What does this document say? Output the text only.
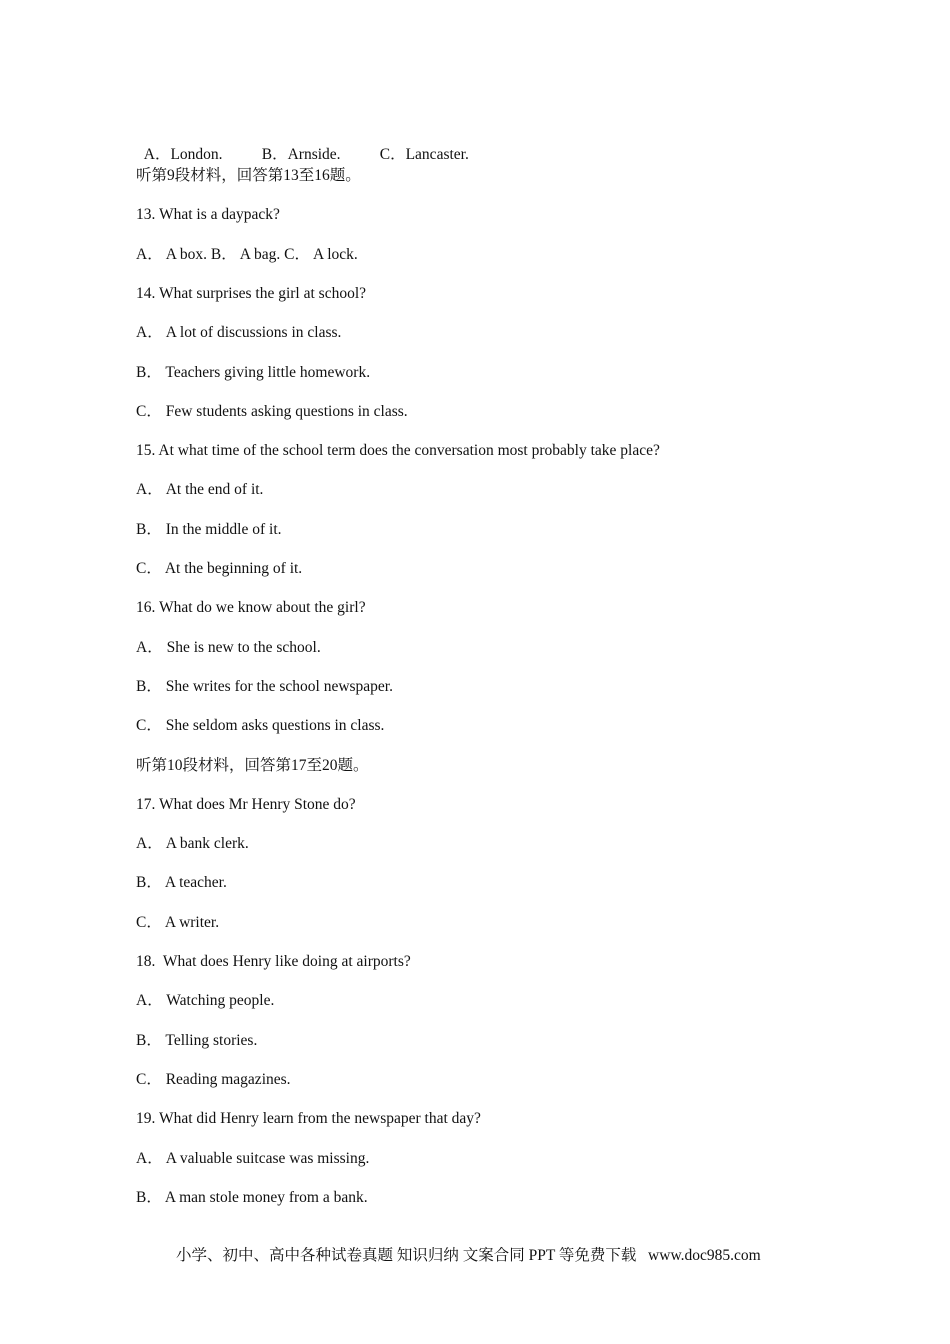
A．London.	B．Arnside.	C．Lancaster.

听第9段材料，回答第13至16题。
13. What is a daypack?
A． A box. B． A bag. C． A lock.
14. What surprises the girl at school?
A． A lot of discussions in class.
B． Teachers giving little homework.
C． Few students asking questions in class.
15. At what time of the school term does the conversation most probably take place?
A． At the end of it.
B． In the middle of it.
C． At the beginning of it.
16. What do we know about the girl?
A． She is new to the school.
B． She writes for the school newspaper.
C． She seldom asks questions in class.
听第10段材料，回答第17至20题。
17. What does Mr Henry Stone do?
A． A bank clerk.
B． A teacher.
C． A writer.
18.  What does Henry like doing at airports?
A． Watching people.
B． Telling stories.
C． Reading magazines.
19. What did Henry learn from the newspaper that day?
A． A valuable suitcase was missing.
B． A man stole money from a bank.
小学、初中、高中各种试卷真题 知识归纳 文案合同 PPT 等免费下载   www.doc985.com
